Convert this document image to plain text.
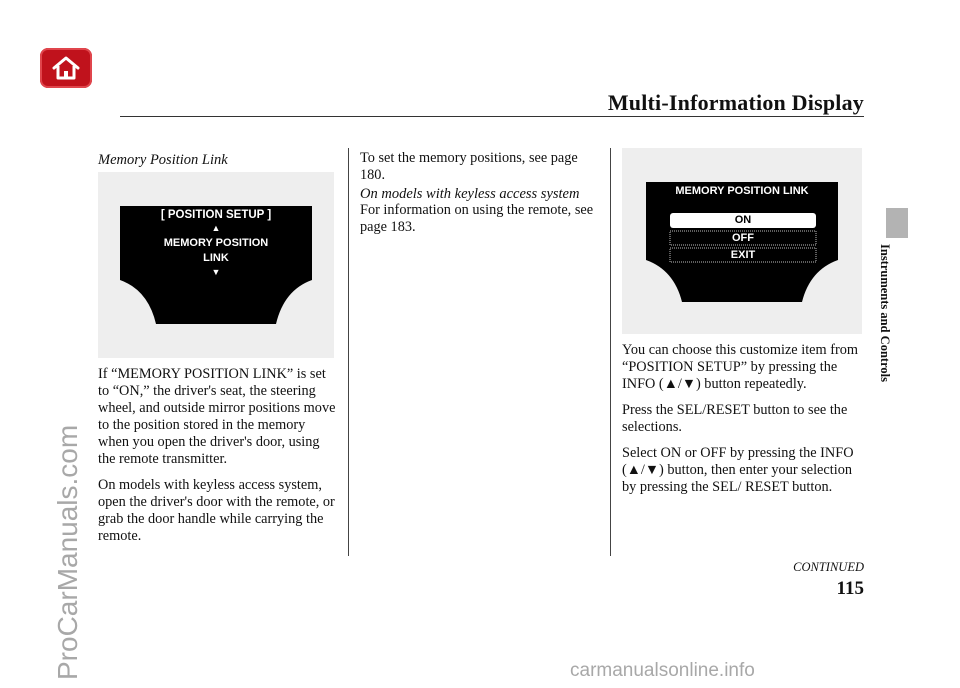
Multi-Information Display
Memory Position Link
[ POSITION SETUP ]
▲
MEMORY POSITION
LINK
▼

If “MEMORY POSITION LINK” is set to “ON,” the driver's seat, the steering wheel, and outside mirror positions move to the position stored in the memory when you open the driver's door, using the remote transmitter.

On models with keyless access system, open the driver's door with the remote, or grab the door handle while carrying the remote.

To set the memory positions, see page 180.

On models with keyless access system

For information on using the remote, see page 183.

MEMORY POSITION LINK
ON
OFF
EXIT

You can choose this customize item from “POSITION SETUP” by pressing the INFO (▲/▼) button repeatedly.

Press the SEL/RESET button to see the selections.

Select ON or OFF by pressing the INFO (▲/▼) button, then enter your selection by pressing the SEL/ RESET button.

Instruments and Controls
CONTINUED
115
ProCarManuals.com	carmanualsonline.info
